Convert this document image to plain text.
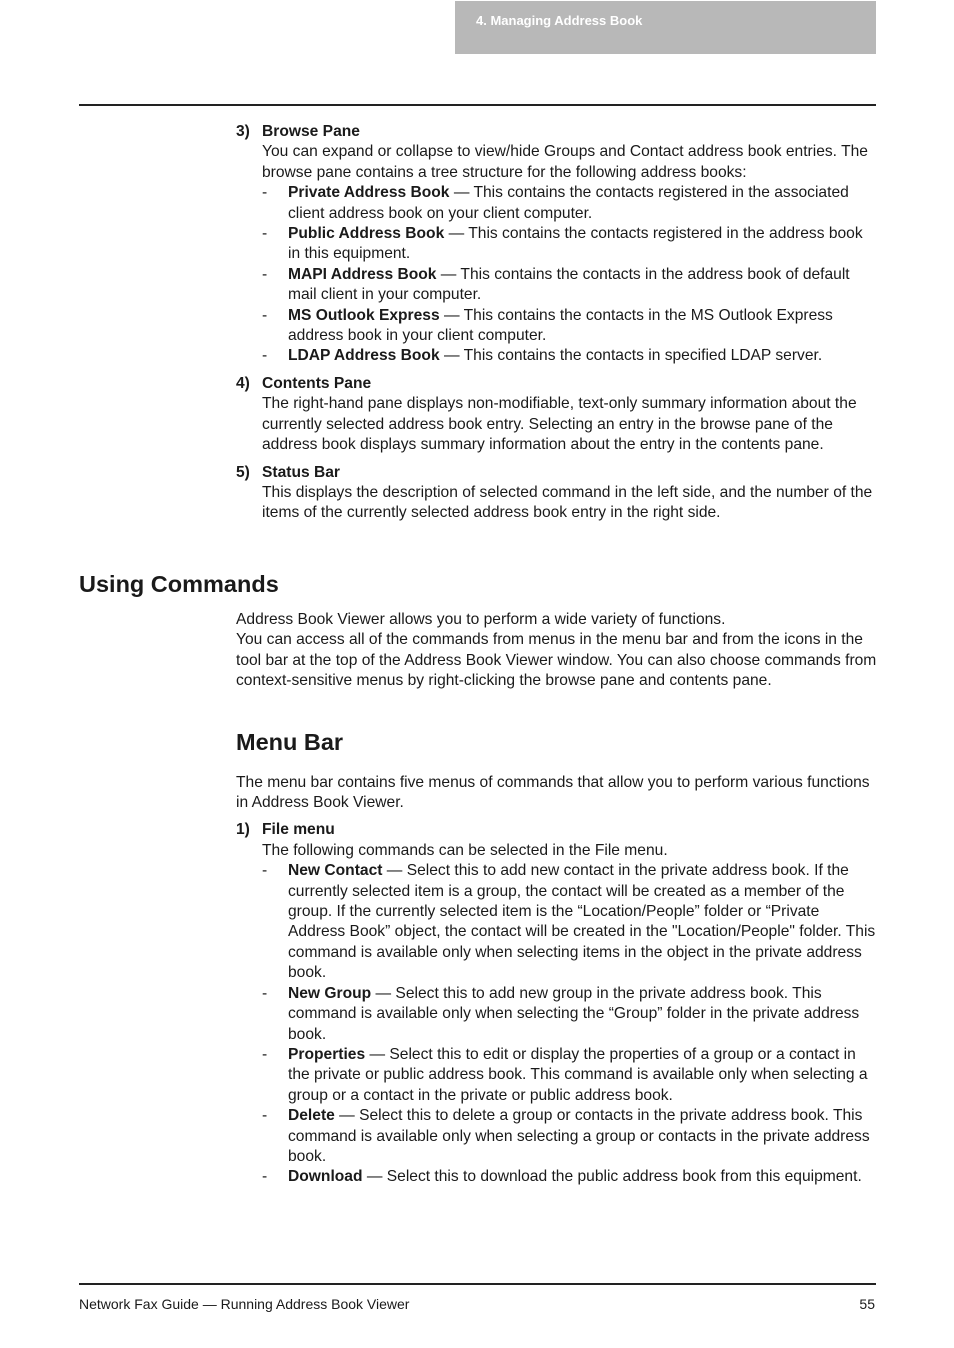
4. Managing Address Book
3) Browse Pane

You can expand or collapse to view/hide Groups and Contact address book entries. The browse pane contains a tree structure for the following address books:

- Private Address Book — This contains the contacts registered in the associated client address book on your client computer.
- Public Address Book — This contains the contacts registered in the address book in this equipment.
- MAPI Address Book — This contains the contacts in the address book of default mail client in your computer.
- MS Outlook Express — This contains the contacts in the MS Outlook Express address book in your client computer.
- LDAP Address Book — This contains the contacts in specified LDAP server.
4) Contents Pane

The right-hand pane displays non-modifiable, text-only summary information about the currently selected address book entry. Selecting an entry in the browse pane of the address book displays summary information about the entry in the contents pane.

5) Status Bar

This displays the description of selected command in the left side, and the number of the items of the currently selected address book entry in the right side.

Using Commands

Address Book Viewer allows you to perform a wide variety of functions.

You can access all of the commands from menus in the menu bar and from the icons in the tool bar at the top of the Address Book Viewer window. You can also choose commands from context-sensitive menus by right-clicking the browse pane and contents pane.

Menu Bar

The menu bar contains five menus of commands that allow you to perform various functions in Address Book Viewer.

1) File menu

The following commands can be selected in the File menu.

- New Contact — Select this to add new contact in the private address book. If the currently selected item is a group, the contact will be created as a member of the group. If the currently selected item is the “Location/People” folder or “Private Address Book” object, the contact will be created in the "Location/People" folder. This command is available only when selecting items in the object in the private address book.
- New Group — Select this to add new group in the private address book. This command is available only when selecting the “Group” folder in the private address book.
- Properties — Select this to edit or display the properties of a group or a contact in the private or public address book. This command is available only when selecting a group or a contact in the private or public address book.
- Delete — Select this to delete a group or contacts in the private address book. This command is available only when selecting a group or contacts in the private address book.
- Download — Select this to download the public address book from this equipment.
Network Fax Guide — Running Address Book Viewer	55
